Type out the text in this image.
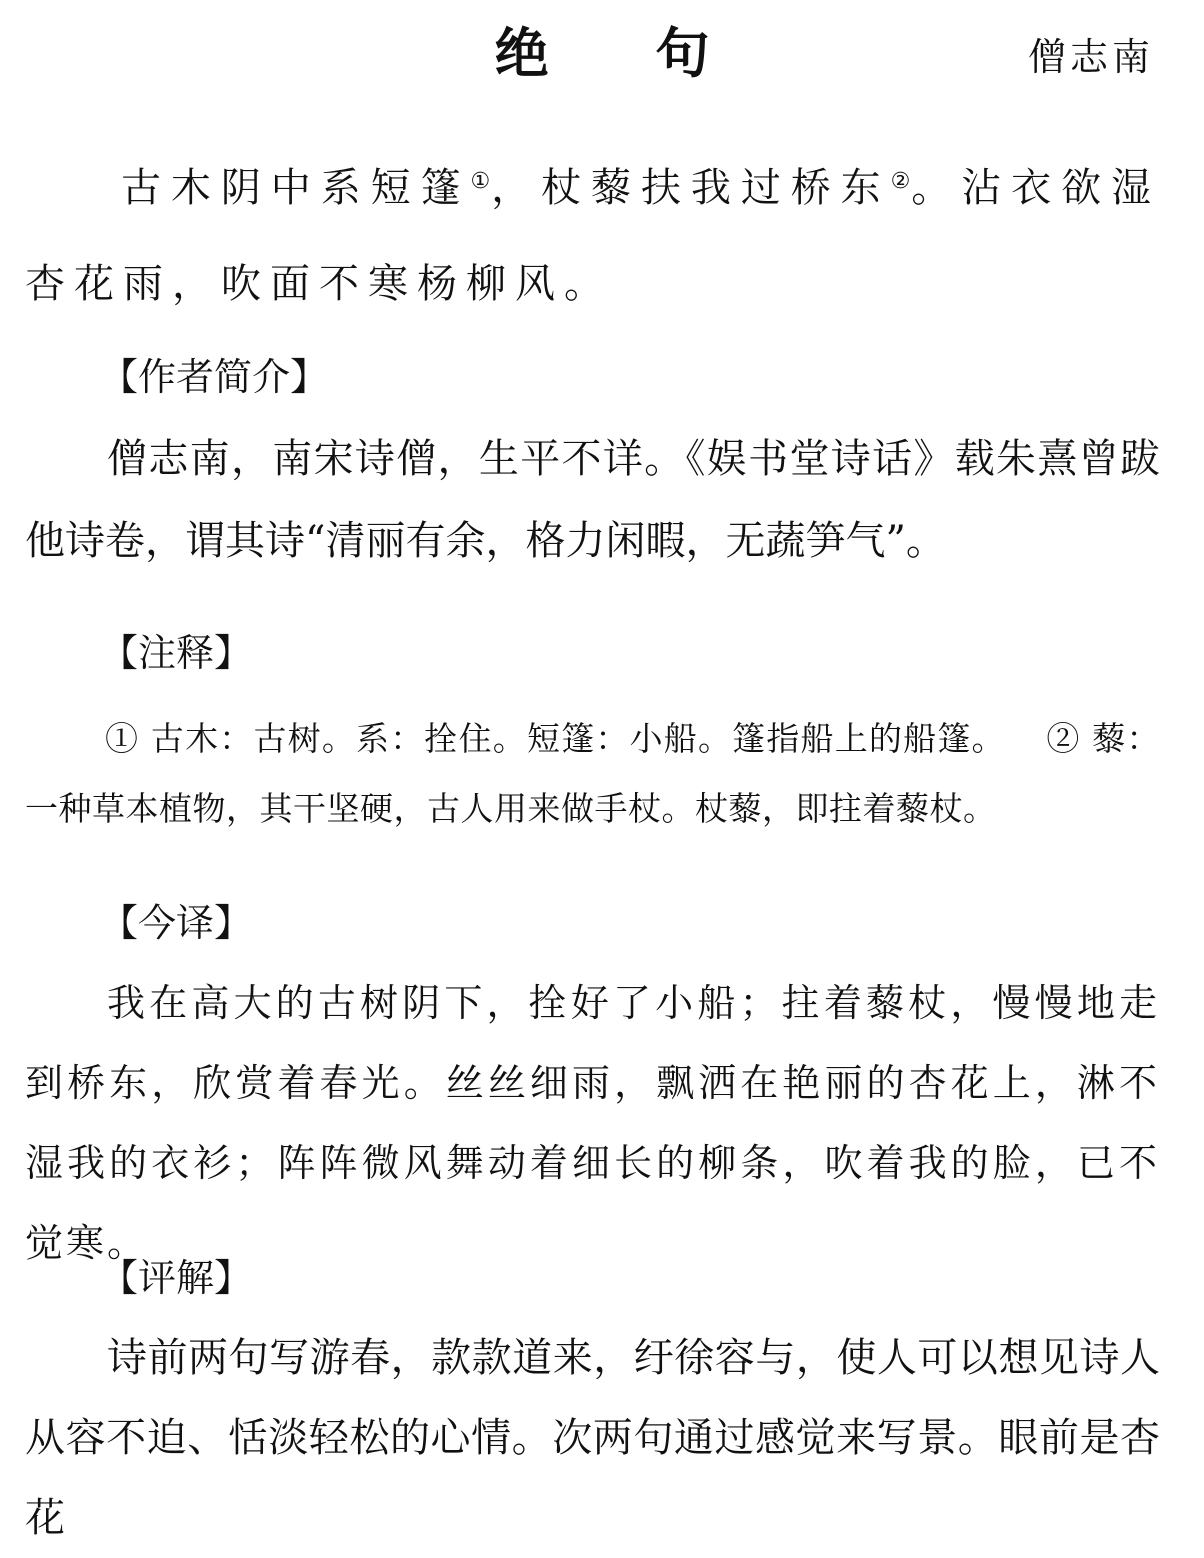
绝 句	僧志南

古木阴中系短篷①，杖藜扶我过桥东②。沾衣欲湿杏花雨，吹面不寒杨柳风。

【作者简介】

僧志南，南宋诗僧，生平不详。《娱书堂诗话》载朱熹曾跋他诗卷，谓其诗“清丽有余，格力闲暇，无蔬笋气”。

【注释】

① 古木：古树。系：拴住。短篷：小船。篷指船上的船篷。 ② 藜：一种草本植物，其干坚硬，古人用来做手杖。杖藜，即拄着藜杖。

【今译】

我在高大的古树阴下，拴好了小船；拄着藜杖，慢慢地走到桥东，欣赏着春光。丝丝细雨，飘洒在艳丽的杏花上，淋不湿我的衣衫；阵阵微风舞动着细长的柳条，吹着我的脸，已不觉寒。

【评解】

诗前两句写游春，款款道来，纡徐容与，使人可以想见诗人从容不迫、恬淡轻松的心情。次两句通过感觉来写景。眼前是杏花
